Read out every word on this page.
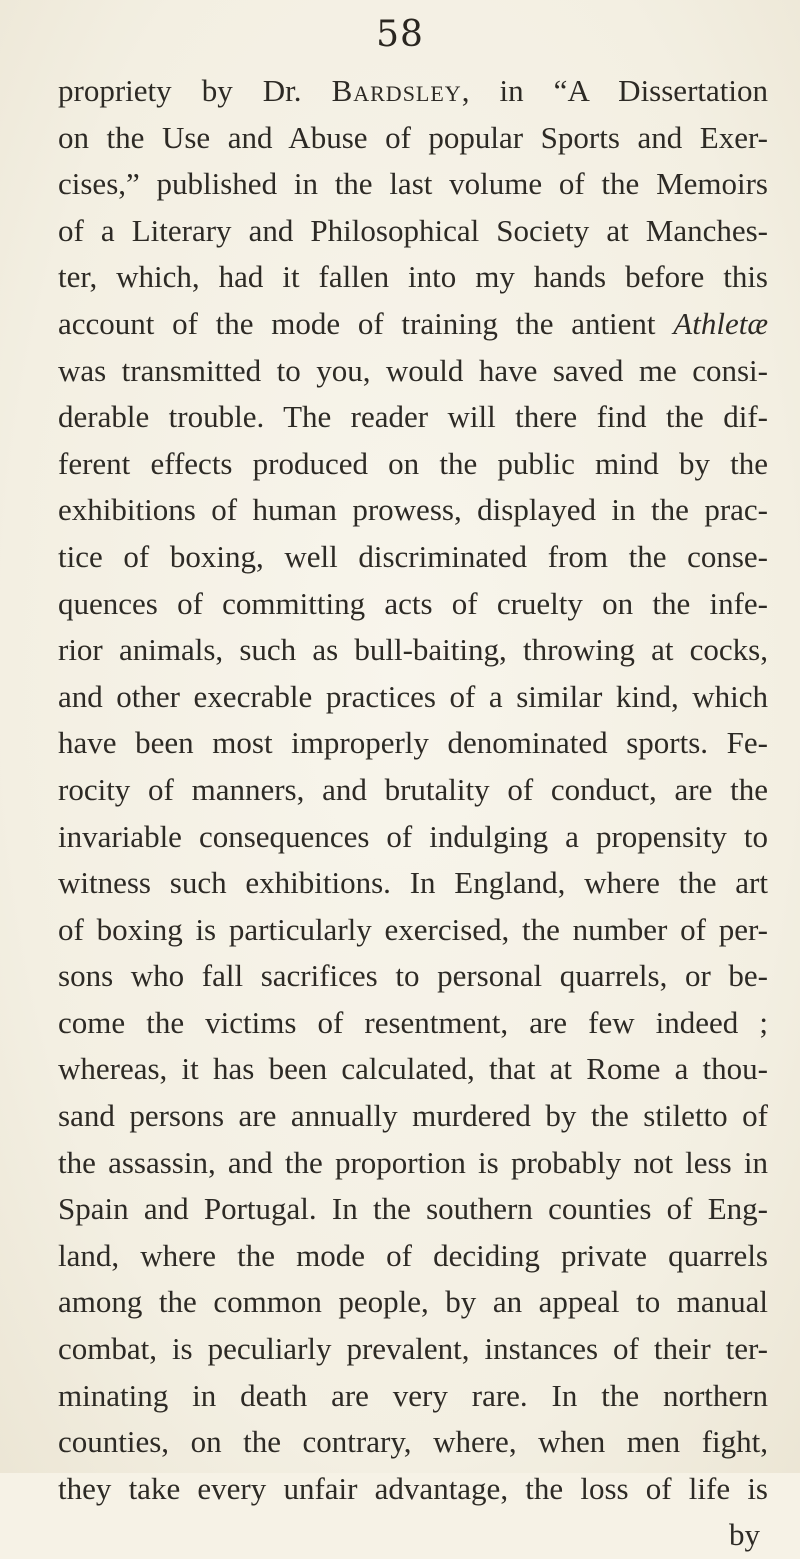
58
propriety by Dr. Bardsley, in “A Dissertation
on the Use and Abuse of popular Sports and Exer-
cises,” published in the last volume of the Memoirs
of a Literary and Philosophical Society at Manches-
ter, which, had it fallen into my hands before this
account of the mode of training the antient Athletæ
was transmitted to you, would have saved me consi-
derable trouble. The reader will there find the dif-
ferent effects produced on the public mind by the
exhibitions of human prowess, displayed in the prac-
tice of boxing, well discriminated from the conse-
quences of committing acts of cruelty on the infe-
rior animals, such as bull-baiting, throwing at cocks,
and other execrable practices of a similar kind, which
have been most improperly denominated sports. Fe-
rocity of manners, and brutality of conduct, are the
invariable consequences of indulging a propensity to
witness such exhibitions. In England, where the art
of boxing is particularly exercised, the number of per-
sons who fall sacrifices to personal quarrels, or be-
come the victims of resentment, are few indeed ;
whereas, it has been calculated, that at Rome a thou-
sand persons are annually murdered by the stiletto of
the assassin, and the proportion is probably not less in
Spain and Portugal. In the southern counties of Eng-
land, where the mode of deciding private quarrels
among the common people, by an appeal to manual
combat, is peculiarly prevalent, instances of their ter-
minating in death are very rare. In the northern
counties, on the contrary, where, when men fight,
they take every unfair advantage, the loss of life is
by
